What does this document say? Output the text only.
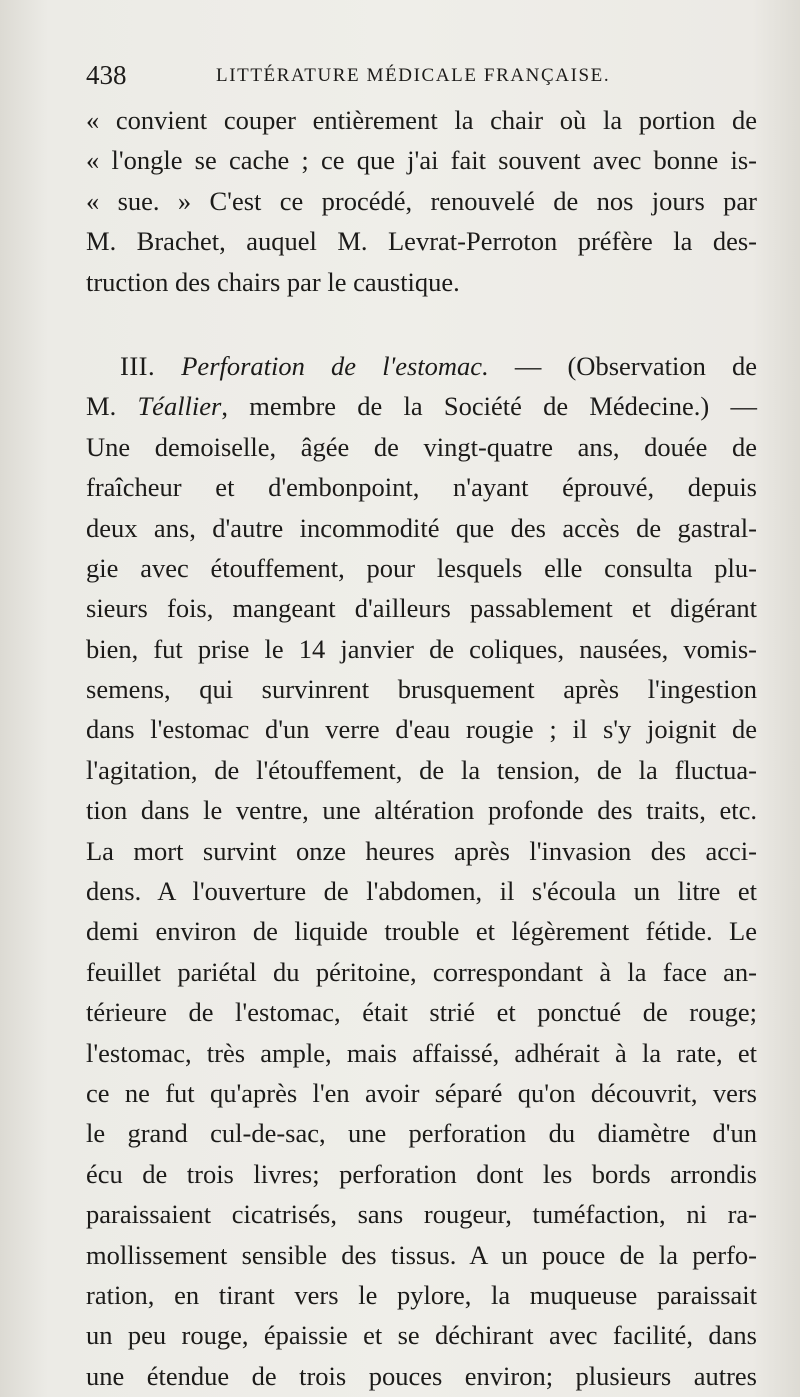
438	LITTÉRATURE MÉDICALE FRANÇAISE.
« convient couper entièrement la chair où la portion de
« l'ongle se cache ; ce que j'ai fait souvent avec bonne is-
« sue. » C'est ce procédé, renouvelé de nos jours par
M. Brachet, auquel M. Levrat-Perroton préfère la des-
truction des chairs par le caustique.
III. Perforation de l'estomac. — (Observation de
M. Téallier, membre de la Société de Médecine.) —
Une demoiselle, âgée de vingt-quatre ans, douée de
fraîcheur et d'embonpoint, n'ayant éprouvé, depuis
deux ans, d'autre incommodité que des accès de gastral-
gie avec étouffement, pour lesquels elle consulta plu-
sieurs fois, mangeant d'ailleurs passablement et digérant
bien, fut prise le 14 janvier de coliques, nausées, vomis-
semens, qui survinrent brusquement après l'ingestion
dans l'estomac d'un verre d'eau rougie ; il s'y joignit de
l'agitation, de l'étouffement, de la tension, de la fluctua-
tion dans le ventre, une altération profonde des traits, etc.
La mort survint onze heures après l'invasion des acci-
dens. A l'ouverture de l'abdomen, il s'écoula un litre et
demi environ de liquide trouble et légèrement fétide. Le
feuillet pariétal du péritoine, correspondant à la face an-
térieure de l'estomac, était strié et ponctué de rouge;
l'estomac, très ample, mais affaissé, adhérait à la rate, et
ce ne fut qu'après l'en avoir séparé qu'on découvrit, vers
le grand cul-de-sac, une perforation du diamètre d'un
écu de trois livres; perforation dont les bords arrondis
paraissaient cicatrisés, sans rougeur, tuméfaction, ni ra-
mollissement sensible des tissus. A un pouce de la perfo-
ration, en tirant vers le pylore, la muqueuse paraissait
un peu rouge, épaissie et se déchirant avec facilité, dans
une étendue de trois pouces environ; plusieurs autres
